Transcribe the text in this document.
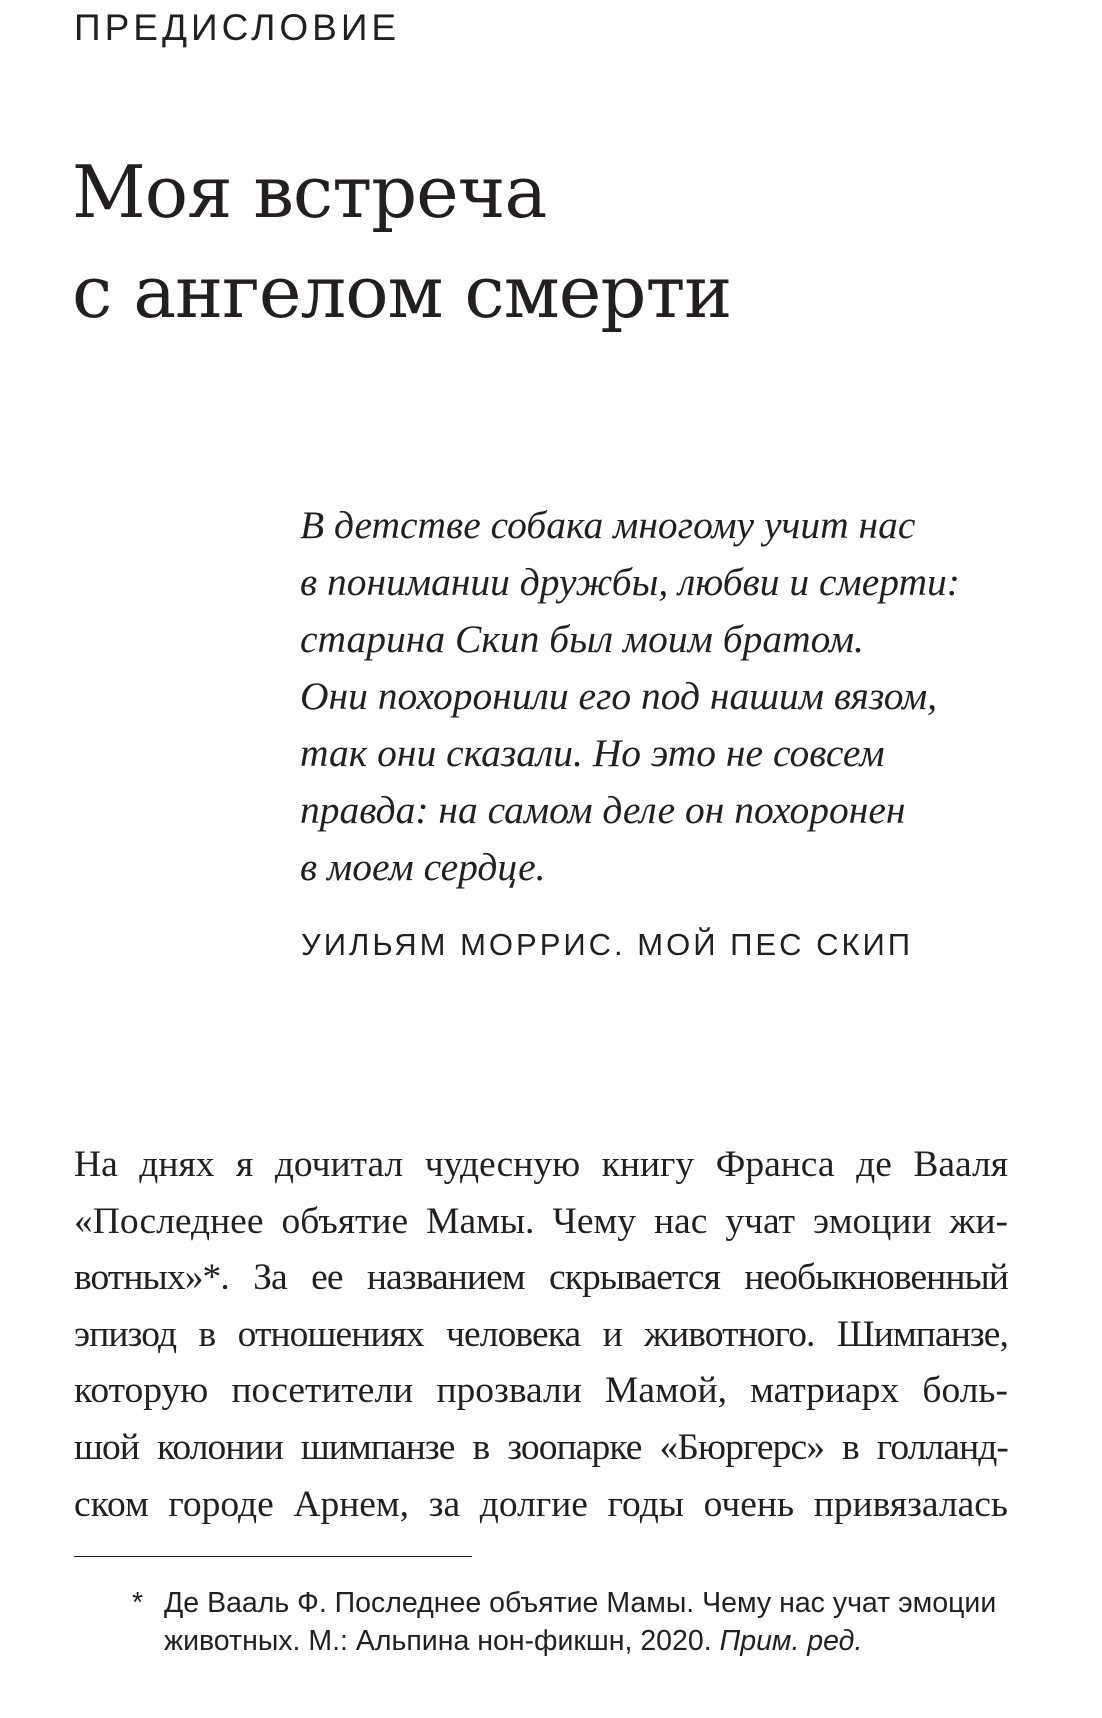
ПРЕДИСЛОВИЕ
Моя встреча
с ангелом смерти
В детстве собака многому учит нас
в понимании дружбы, любви и смерти:
старина Скип был моим братом.
Они похоронили его под нашим вязом,
так они сказали. Но это не совсем
правда: на самом деле он похоронен
в моем сердце.
УИЛЬЯМ МОРРИС. МОЙ ПЕС СКИП
На днях я дочитал чудесную книгу Франса де Вааля
«Последнее объятие Мамы. Чему нас учат эмоции жи-
вотных»*. За ее названием скрывается необыкновенный
эпизод в отношениях человека и животного. Шимпанзе,
которую посетители прозвали Мамой, матриарх боль-
шой колонии шимпанзе в зоопарке «Бюргерс» в голланд-
ском городе Арнем, за долгие годы очень привязалась
* Де Вааль Ф. Последнее объятие Мамы. Чему нас учат эмоции
животных. М.: Альпина нон-фикшн, 2020. Прим. ред.
